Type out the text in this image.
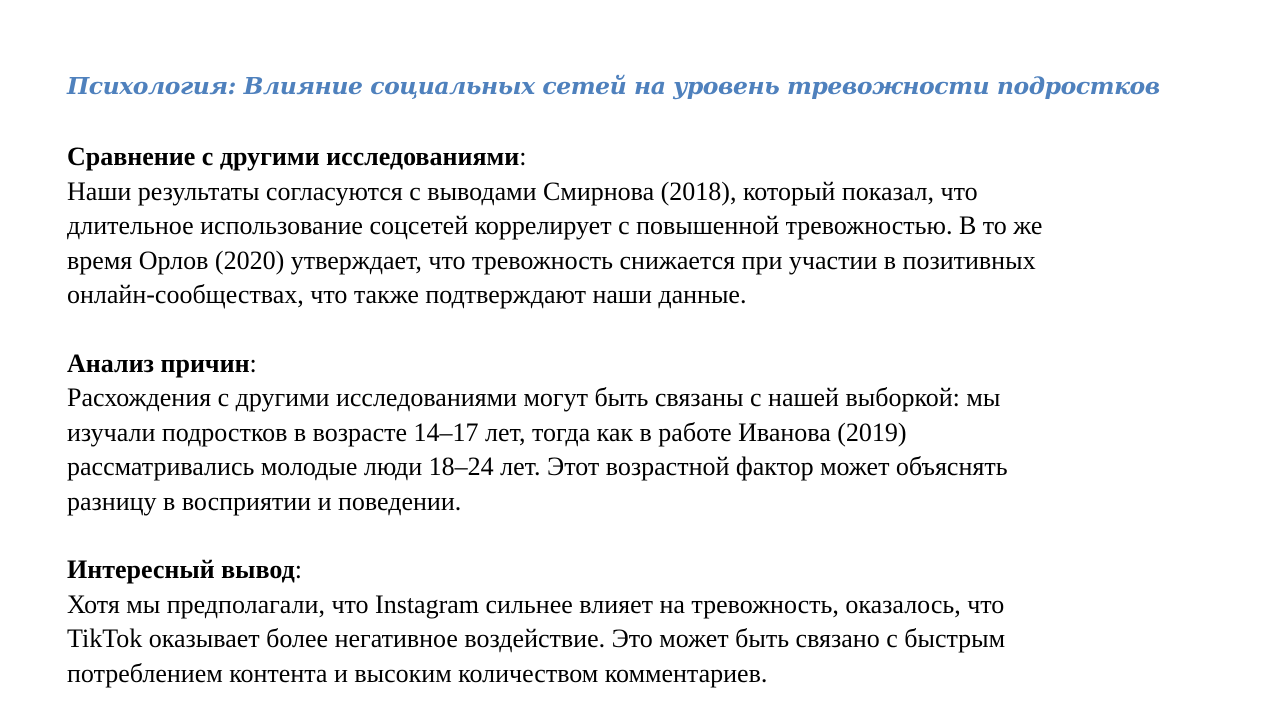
Психология: Влияние социальных сетей на уровень тревожности подростков

Сравнение с другими исследованиями:

Наши результаты согласуются с выводами Смирнова (2018), который показал, что
длительное использование соцсетей коррелирует с повышенной тревожностью. В то же
время Орлов (2020) утверждает, что тревожность снижается при участии в позитивных
онлайн-сообществах, что также подтверждают наши данные.

Анализ причин:

Расхождения с другими исследованиями могут быть связаны с нашей выборкой: мы
изучали подростков в возрасте 14–17 лет, тогда как в работе Иванова (2019)
рассматривались молодые люди 18–24 лет. Этот возрастной фактор может объяснять
разницу в восприятии и поведении.

Интересный вывод:

Хотя мы предполагали, что Instagram сильнее влияет на тревожность, оказалось, что
TikTok оказывает более негативное воздействие. Это может быть связано с быстрым
потреблением контента и высоким количеством комментариев.
